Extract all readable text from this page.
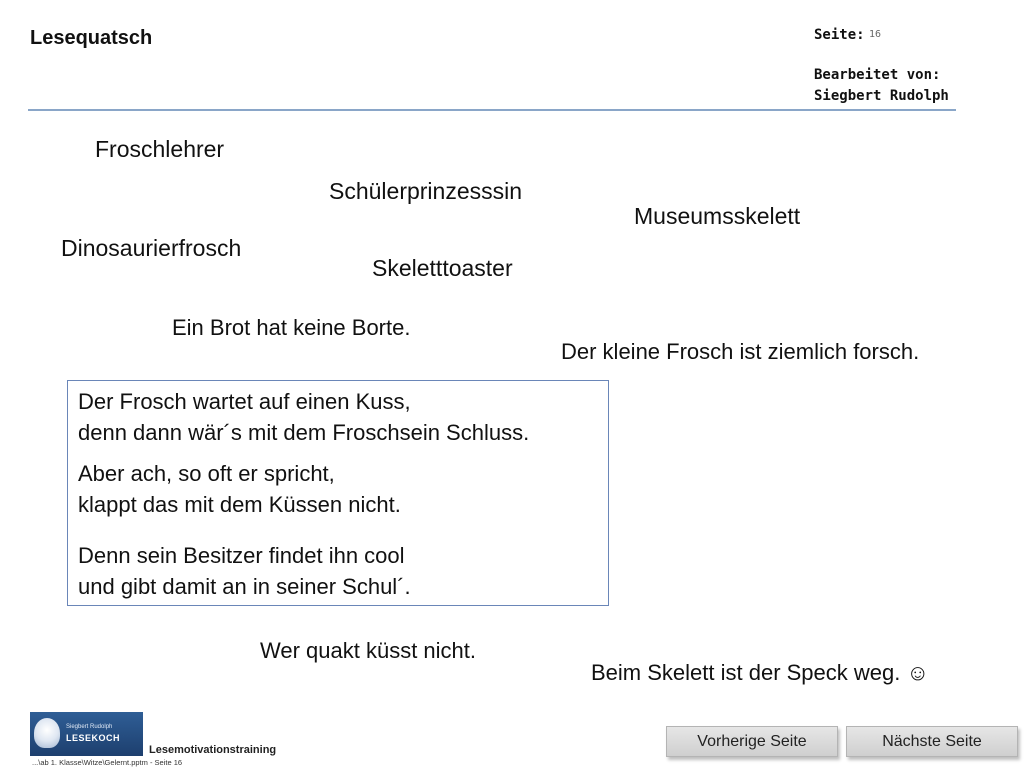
Lesequatsch	Seite: 16
Bearbeitet von:
Siegbert Rudolph
Froschlehrer
Schülerprinzesssin
Museumsskelett
Dinosaurierfrosch
Skeletttoaster
Ein Brot hat keine Borte.
Der kleine Frosch ist ziemlich forsch.
Der Frosch wartet auf einen Kuss,
denn dann wär´s mit dem Froschsein Schluss.
Aber ach, so oft er spricht,
klappt das mit dem Küssen nicht.
Denn sein Besitzer findet ihn cool
und gibt damit an in seiner Schul´.
Wer quakt küsst nicht.
Beim Skelett ist der Speck weg. ☺
Siegbert Rudolph
LESEKOCH
Lesemotivationstraining
...\ab 1. Klasse\Witze\Gelernt.pptm - Seite 16
Vorherige Seite	Nächste Seite
